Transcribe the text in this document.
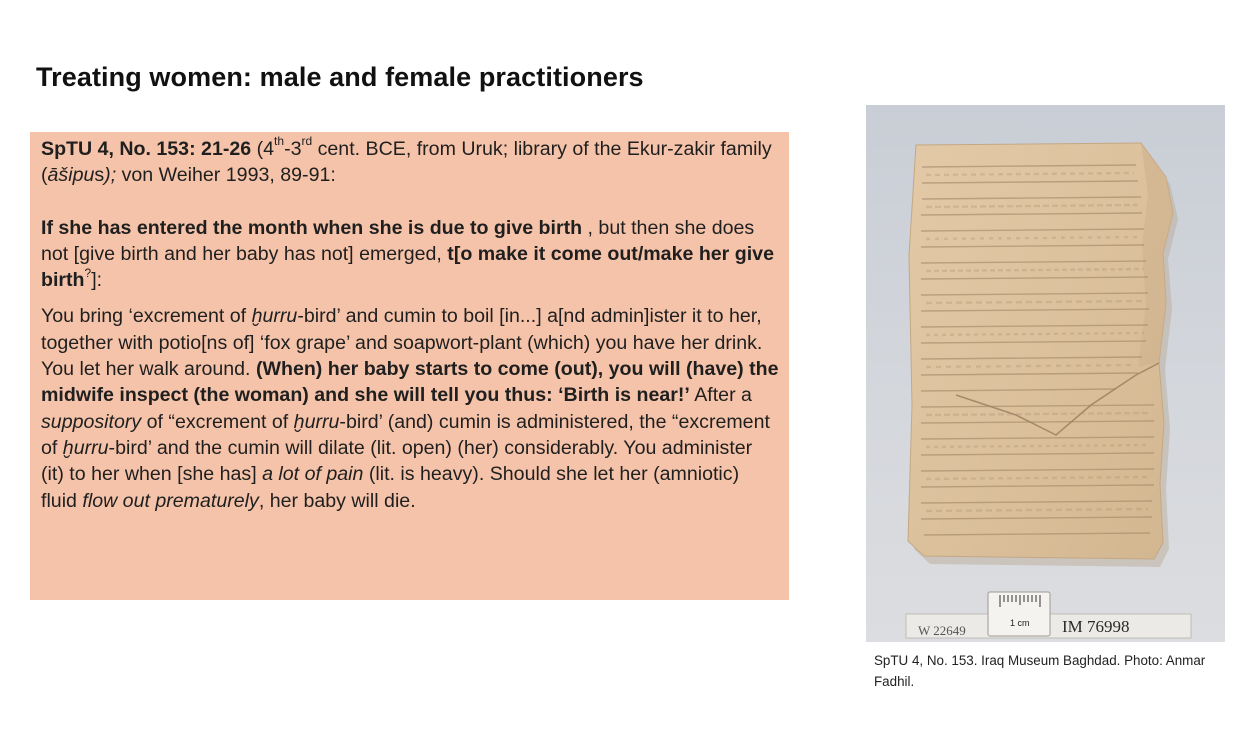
Treating women: male and female practitioners

SpTU 4, No. 153: 21-26 (4th-3rd cent. BCE, from Uruk; library of the Ekur-zakir family (āšipus); von Weiher 1993, 89-91:

If she has entered the month when she is due to give birth , but then she does not [give birth and her baby has not] emerged, t[o make it come out/make her give birth?]:

You bring ‘excrement of ḫurru-bird’ and cumin to boil [in...] a[nd admin]ister it to her, together with potio[ns of] ‘fox grape’ and soapwort-plant (which) you have her drink. You let her walk around. (When) her baby starts to come (out), you will (have) the midwife inspect (the woman) and she will tell you thus: ‘Birth is near!’ After a suppository of “excrement of ḫurru-bird’ (and) cumin is administered, the “excrement of ḫurru-bird’ and the cumin will dilate (lit. open) (her) considerably. You administer (it) to her when [she has] a lot of pain (lit. is heavy). Should she let her (amniotic) fluid flow out prematurely, her baby will die.

W 22649	IM 76998
1 cm
SpTU 4, No. 153. Iraq Museum Baghdad. Photo: Anmar Fadhil.
